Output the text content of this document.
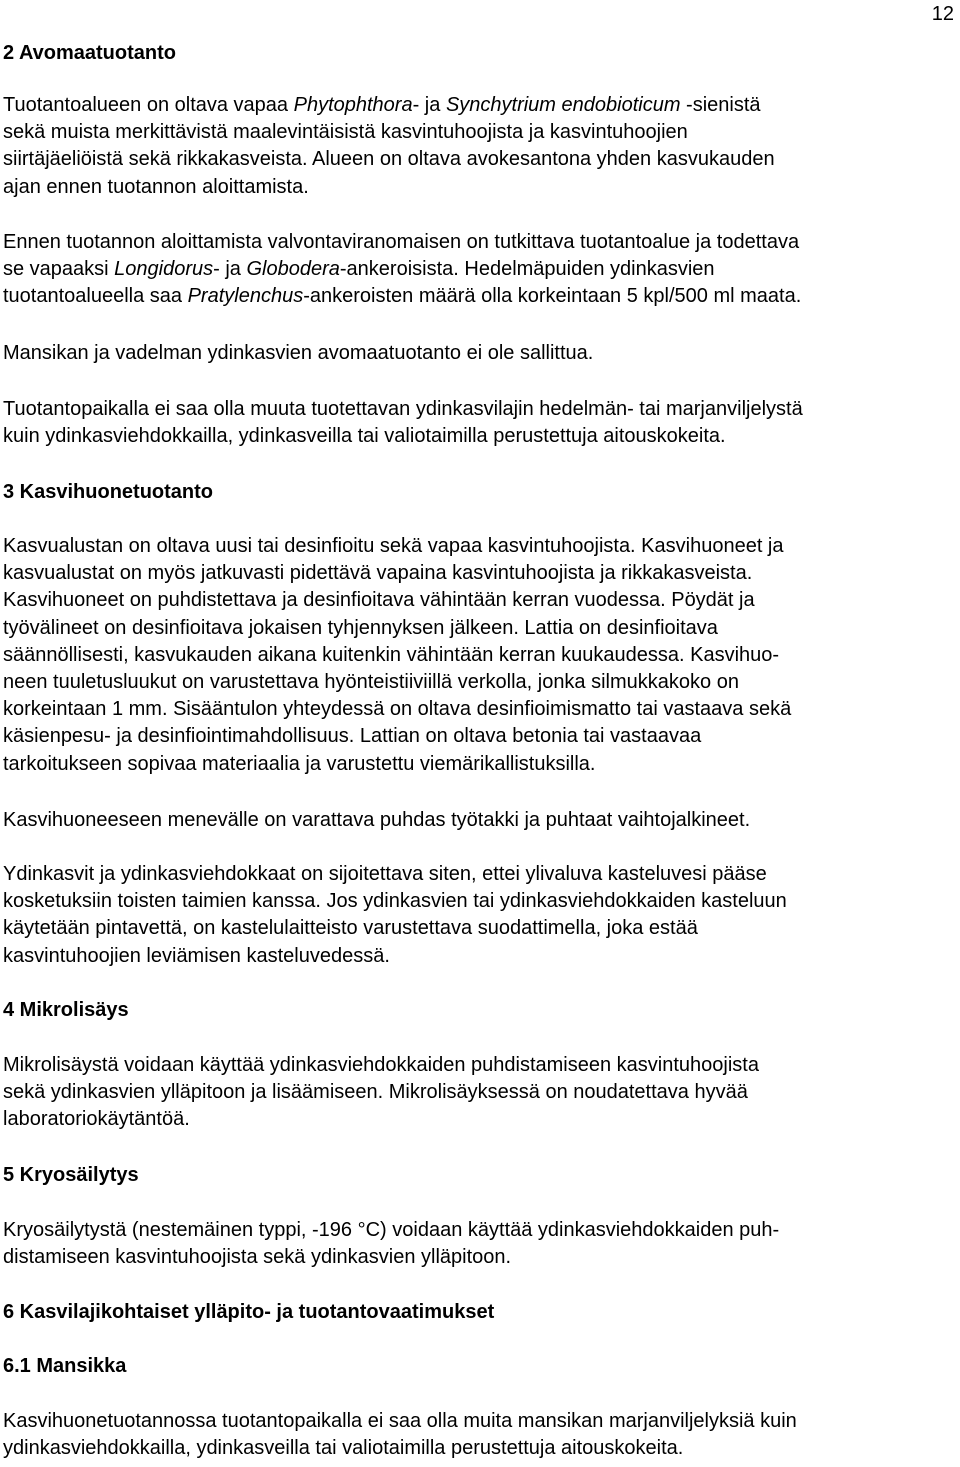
12
2 Avomaatuotanto

Tuotantoalueen on oltava vapaa Phytophthora- ja Synchytrium endobioticum -sienistä
sekä muista merkittävistä maalevintäisistä kasvintuhoojista ja kasvintuhoojien
siirtäjäeliöistä sekä rikkakasveista. Alueen on oltava avokesantona yhden kasvukauden
ajan ennen tuotannon aloittamista.

Ennen tuotannon aloittamista valvontaviranomaisen on tutkittava tuotantoalue ja todettava
se vapaaksi Longidorus- ja Globodera-ankeroisista. Hedelmäpuiden ydinkasvien
tuotantoalueella saa Pratylenchus-ankeroisten määrä olla korkeintaan 5 kpl/500 ml maata.

Mansikan ja vadelman ydinkasvien avomaatuotanto ei ole sallittua.

Tuotantopaikalla ei saa olla muuta tuotettavan ydinkasvilajin hedelmän- tai marjanviljelystä
kuin ydinkasviehdokkailla, ydinkasveilla tai valiotaimilla perustettuja aitouskokeita.

3 Kasvihuonetuotanto

Kasvualustan on oltava uusi tai desinfioitu sekä vapaa kasvintuhoojista. Kasvihuoneet ja
kasvualustat on myös jatkuvasti pidettävä vapaina kasvintuhoojista ja rikkakasveista.
Kasvihuoneet on puhdistettava ja desinfioitava vähintään kerran vuodessa. Pöydät ja
työvälineet on desinfioitava jokaisen tyhjennyksen jälkeen. Lattia on desinfioitava
säännöllisesti, kasvukauden aikana kuitenkin vähintään kerran kuukaudessa. Kasvihuo-
neen tuuletusluukut on varustettava hyönteistiiviillä verkolla, jonka silmukkakoko on
korkeintaan 1 mm. Sisääntulon yhteydessä on oltava desinfioimismatto tai vastaava sekä
käsienpesu- ja desinfiointimahdollisuus. Lattian on oltava betonia tai vastaavaa
tarkoitukseen sopivaa materiaalia ja varustettu viemärikallistuksilla.

Kasvihuoneeseen menevälle on varattava puhdas työtakki ja puhtaat vaihtojalkineet.

Ydinkasvit ja ydinkasviehdokkaat on sijoitettava siten, ettei ylivaluva kasteluvesi pääse
kosketuksiin toisten taimien kanssa. Jos ydinkasvien tai ydinkasviehdokkaiden kasteluun
käytetään pintavettä, on kastelulaitteisto varustettava suodattimella, joka estää
kasvintuhoojien leviämisen kasteluvedessä.

4 Mikrolisäys

Mikrolisäystä voidaan käyttää ydinkasviehdokkaiden puhdistamiseen kasvintuhoojista
sekä ydinkasvien ylläpitoon ja lisäämiseen. Mikrolisäyksessä on noudatettava hyvää
laboratoriokäytäntöä.

5 Kryosäilytys

Kryosäilytystä (nestemäinen typpi, -196 °C) voidaan käyttää ydinkasviehdokkaiden puh-
distamiseen kasvintuhoojista sekä ydinkasvien ylläpitoon.

6 Kasvilajikohtaiset ylläpito- ja tuotantovaatimukset
6.1 Mansikka

Kasvihuonetuotannossa tuotantopaikalla ei saa olla muita mansikan marjanviljelyksiä kuin
ydinkasviehdokkailla, ydinkasveilla tai valiotaimilla perustettuja aitouskokeita.
